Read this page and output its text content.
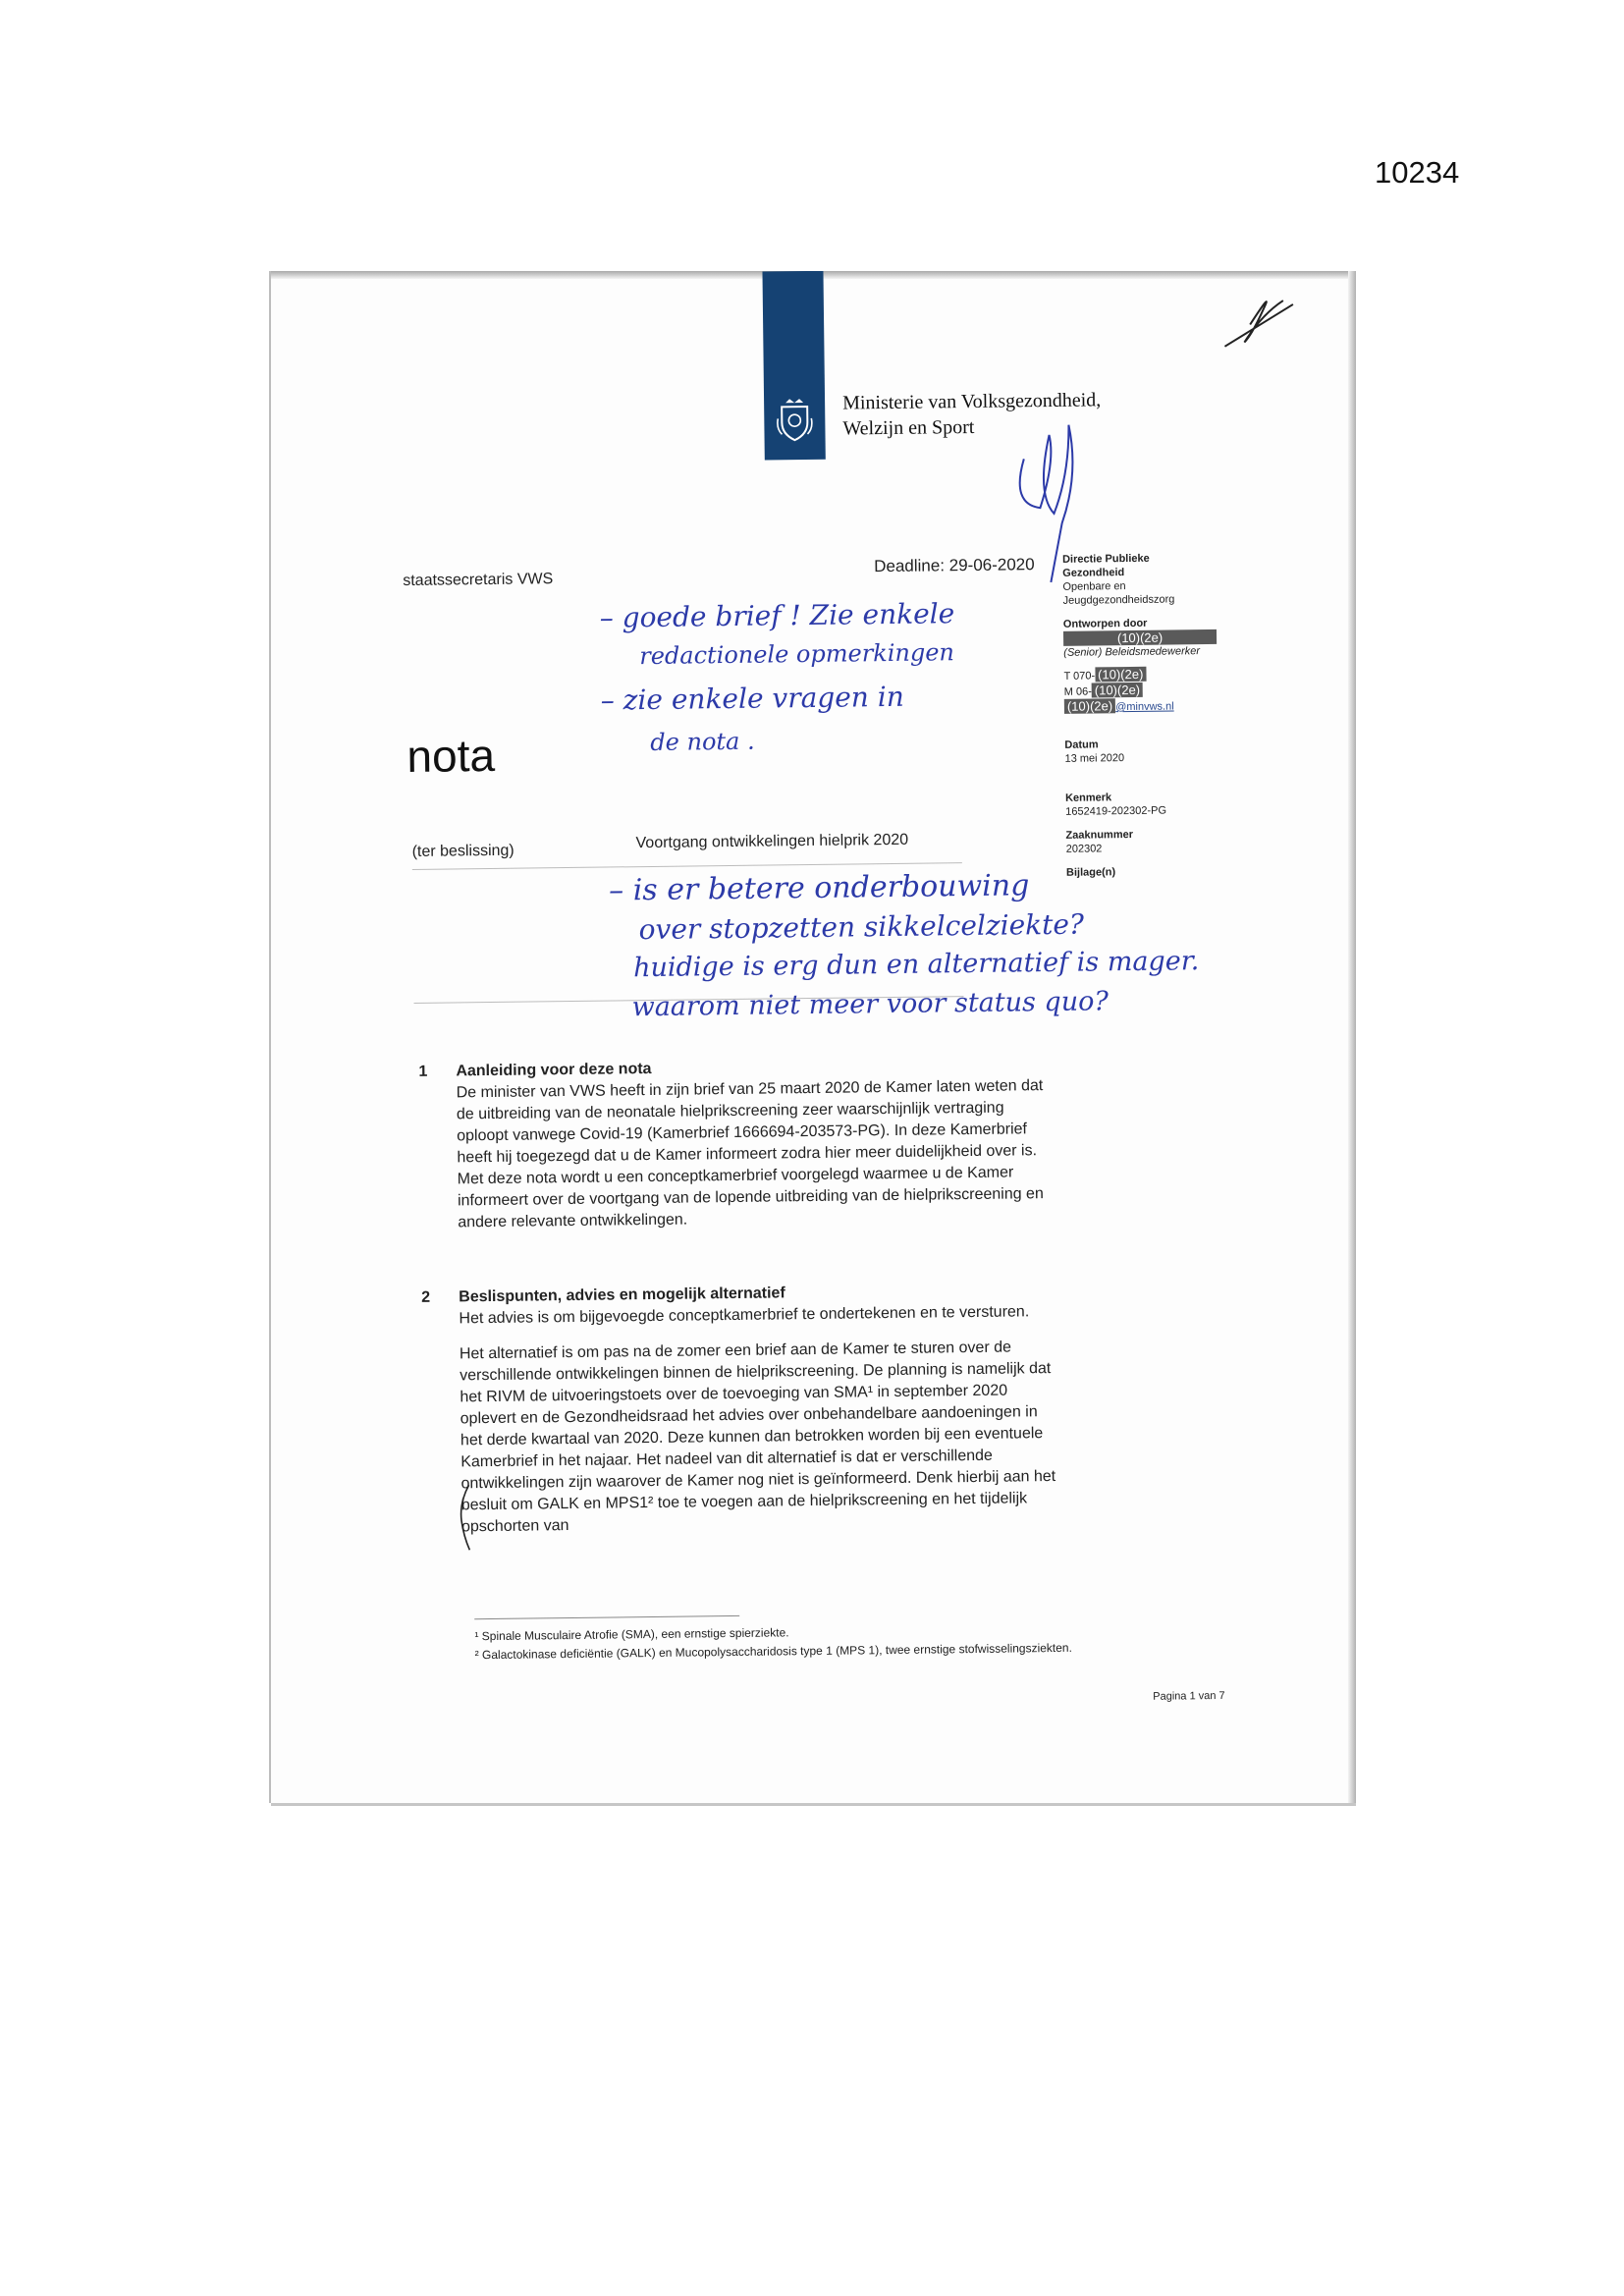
10234
Ministerie van Volksgezondheid,
Welzijn en Sport
staatssecretaris VWS
Deadline: 29-06-2020
nota
(ter beslissing)	Voortgang ontwikkelingen hielprik 2020
Directie Publieke
Gezondheid
Openbare en
Jeugdgezondheidszorg
Ontworpen door
(10)(2e)
(Senior) Beleidsmedewerker
T 070- (10)(2e)
M 06- (10)(2e)
(10)(2e) @minvws.nl
Datum
13 mei 2020
Kenmerk
1652419-202302-PG
Zaaknummer
202302
Bijlage(n)
1 Aanleiding voor deze nota

De minister van VWS heeft in zijn brief van 25 maart 2020 de Kamer laten weten dat de uitbreiding van de neonatale hielprikscreening zeer waarschijnlijk vertraging oploopt vanwege Covid-19 (Kamerbrief 1666694-203573-PG). In deze Kamerbrief heeft hij toegezegd dat u de Kamer informeert zodra hier meer duidelijkheid over is. Met deze nota wordt u een conceptkamerbrief voorgelegd waarmee u de Kamer informeert over de voortgang van de lopende uitbreiding van de hielprikscreening en andere relevante ontwikkelingen.

2 Beslispunten, advies en mogelijk alternatief

Het advies is om bijgevoegde conceptkamerbrief te ondertekenen en te versturen.

Het alternatief is om pas na de zomer een brief aan de Kamer te sturen over de verschillende ontwikkelingen binnen de hielprikscreening. De planning is namelijk dat het RIVM de uitvoeringstoets over de toevoeging van SMA¹ in september 2020 oplevert en de Gezondheidsraad het advies over onbehandelbare aandoeningen in het derde kwartaal van 2020. Deze kunnen dan betrokken worden bij een eventuele Kamerbrief in het najaar. Het nadeel van dit alternatief is dat er verschillende ontwikkelingen zijn waarover de Kamer nog niet is geïnformeerd. Denk hierbij aan het besluit om GALK en MPS1² toe te voegen aan de hielprikscreening en het tijdelijk opschorten van

¹ Spinale Musculaire Atrofie (SMA), een ernstige spierziekte.

² Galactokinase deficiëntie (GALK) en Mucopolysaccharidosis type 1 (MPS 1), twee ernstige stofwisselingsziekten.

Pagina 1 van 7
– goede brief ! Zie enkele
redactionele opmerkingen
– zie enkele vragen in
de nota .
– is er betere onderbouwing
over stopzetten sikkelcelziekte?
huidige is erg dun en alternatief is mager.
waarom niet meer voor status quo?
